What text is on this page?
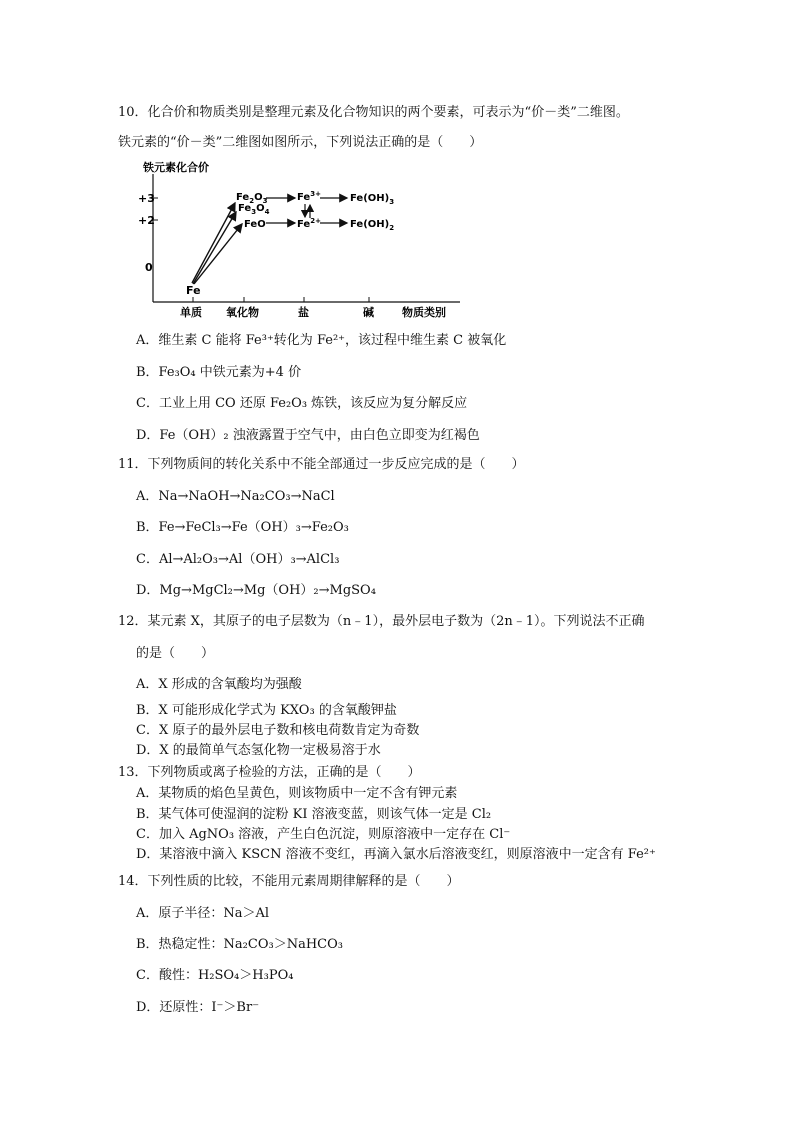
10．化合价和物质类别是整理元素及化合物知识的两个要素，可表示为“价－类”二维图。
铁元素的“价－类”二维图如图所示，下列说法正确的是（　　）
铁元素化合价
+3
+2
0
单质 氧化物	盐	碱	物质类别
Fe
$Fe_2O_3$
$Fe_3O_4$
FeO
$Fe^{3+}$
$Fe^{2+}$
$Fe(OH)_3$
$Fe(OH)_2$
A．维生素 C 能将 Fe³⁺转化为 Fe²⁺，该过程中维生素 C 被氧化
B．Fe₃O₄ 中铁元素为+4 价
C．工业上用 CO 还原 Fe₂O₃ 炼铁，该反应为复分解反应
D．Fe（OH）₂ 浊液露置于空气中，由白色立即变为红褐色
11．下列物质间的转化关系中不能全部通过一步反应完成的是（　　）
A．Na→NaOH→Na₂CO₃→NaCl
B．Fe→FeCl₃→Fe（OH）₃→Fe₂O₃
C．Al→Al₂O₃→Al（OH）₃→AlCl₃
D．Mg→MgCl₂→Mg（OH）₂→MgSO₄
12．某元素 X，其原子的电子层数为（n﹣1），最外层电子数为（2n﹣1）。下列说法不正确
的是（　　）
A．X 形成的含氧酸均为强酸
B．X 可能形成化学式为 KXO₃ 的含氧酸钾盐
C．X 原子的最外层电子数和核电荷数肯定为奇数
D．X 的最简单气态氢化物一定极易溶于水
13．下列物质或离子检验的方法，正确的是（　　）
A．某物质的焰色呈黄色，则该物质中一定不含有钾元素
B．某气体可使湿润的淀粉 KI 溶液变蓝，则该气体一定是 Cl₂
C．加入 AgNO₃ 溶液，产生白色沉淀，则原溶液中一定存在 Cl⁻
D．某溶液中滴入 KSCN 溶液不变红，再滴入氯水后溶液变红，则原溶液中一定含有 Fe²⁺
14．下列性质的比较，不能用元素周期律解释的是（　　）
A．原子半径：Na＞Al
B．热稳定性：Na₂CO₃＞NaHCO₃
C．酸性：H₂SO₄＞H₃PO₄
D．还原性：I⁻＞Br⁻
